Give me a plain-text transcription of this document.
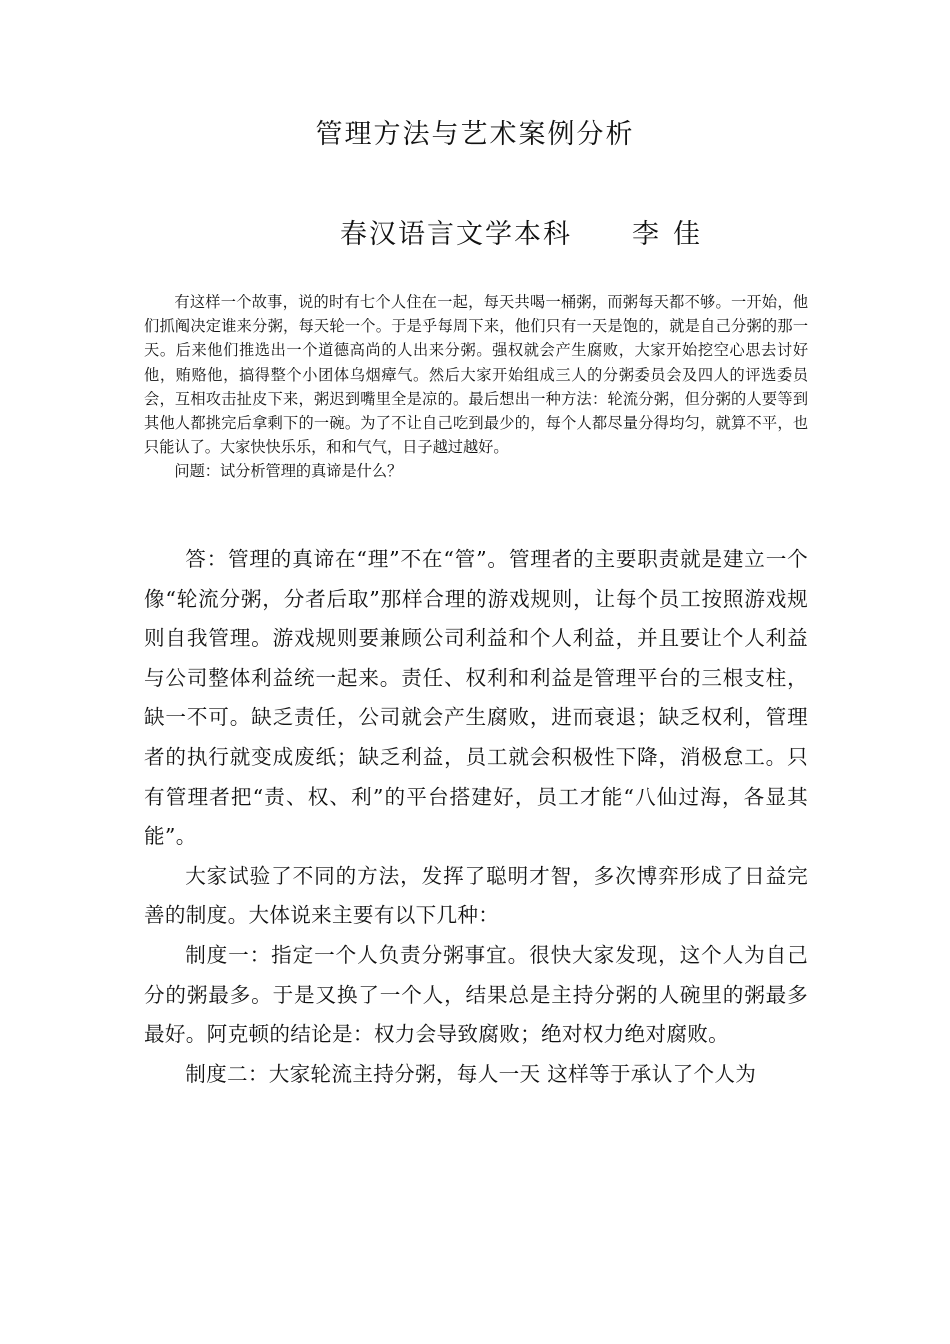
管理方法与艺术案例分析
春汉语言文学本科 李佳

有这样一个故事，说的时有七个人住在一起，每天共喝一桶粥，而粥每天都不够。一开始，他们抓阄决定谁来分粥，每天轮一个。于是乎每周下来，他们只有一天是饱的，就是自己分粥的那一天。后来他们推选出一个道德高尚的人出来分粥。强权就会产生腐败，大家开始挖空心思去讨好他，贿赂他，搞得整个小团体乌烟瘴气。然后大家开始组成三人的分粥委员会及四人的评选委员会，互相攻击扯皮下来，粥迟到嘴里全是凉的。最后想出一种方法：轮流分粥，但分粥的人要等到其他人都挑完后拿剩下的一碗。为了不让自己吃到最少的，每个人都尽量分得均匀，就算不平，也只能认了。大家快快乐乐，和和气气，日子越过越好。

问题：试分析管理的真谛是什么？

答：管理的真谛在“理”不在“管”。管理者的主要职责就是建立一个像“轮流分粥，分者后取”那样合理的游戏规则，让每个员工按照游戏规则自我管理。游戏规则要兼顾公司利益和个人利益，并且要让个人利益与公司整体利益统一起来。责任、权利和利益是管理平台的三根支柱，缺一不可。缺乏责任，公司就会产生腐败，进而衰退；缺乏权利，管理者的执行就变成废纸；缺乏利益，员工就会积极性下降，消极怠工。只有管理者把“责、权、利”的平台搭建好，员工才能“八仙过海，各显其能”。

大家试验了不同的方法，发挥了聪明才智，多次博弈形成了日益完善的制度。大体说来主要有以下几种：

制度一：指定一个人负责分粥事宜。很快大家发现，这个人为自己分的粥最多。于是又换了一个人，结果总是主持分粥的人碗里的粥最多最好。阿克顿的结论是：权力会导致腐败；绝对权力绝对腐败。

制度二：大家轮流主持分粥，每人一天 这样等于承认了个人为
